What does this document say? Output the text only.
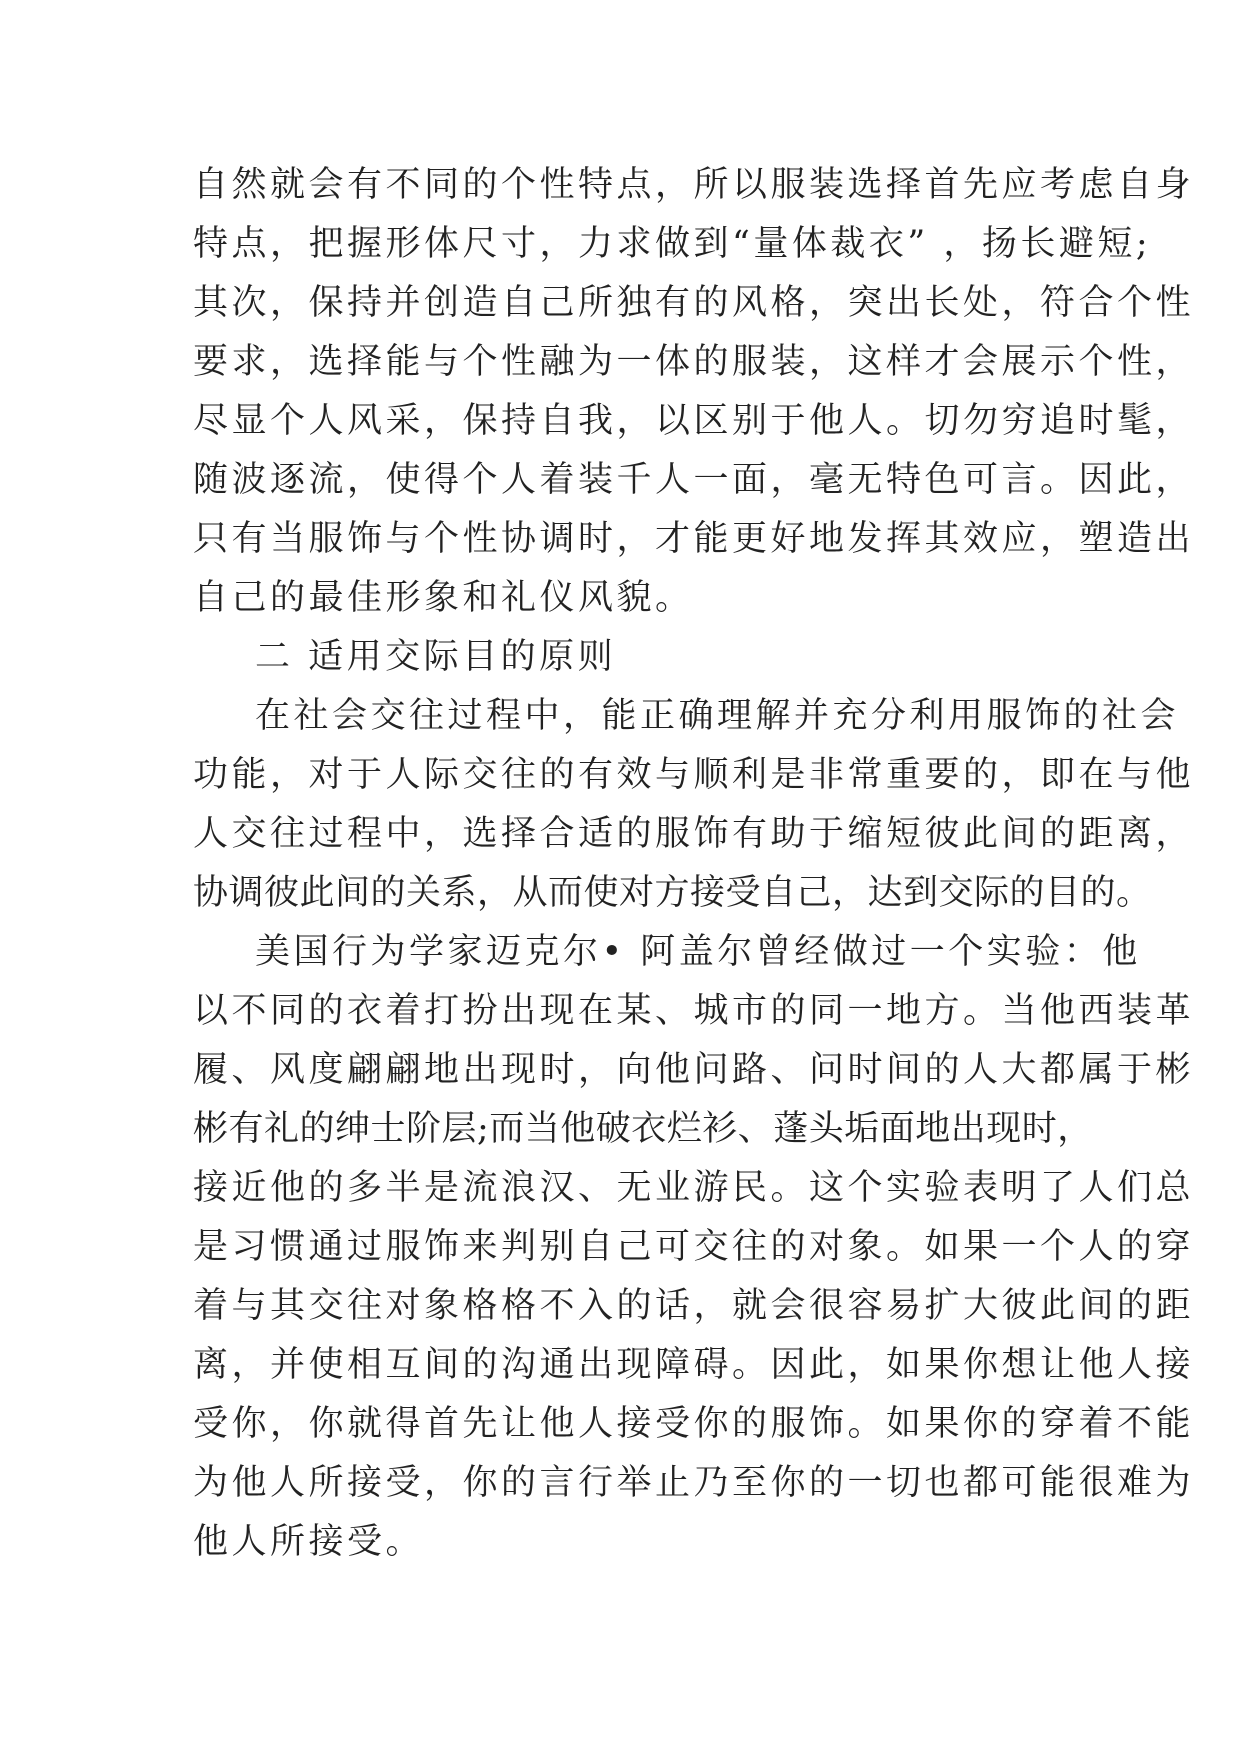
自然就会有不同的个性特点，所以服装选择首先应考虑自身
特点，把握形体尺寸，力求做到“量体裁衣” ，扬长避短;
其次，保持并创造自己所独有的风格，突出长处，符合个性
要求，选择能与个性融为一体的服装，这样才会展示个性，
尽显个人风采，保持自我，以区别于他人。切勿穷追时髦，
随波逐流，使得个人着装千人一面，毫无特色可言。因此，
只有当服饰与个性协调时，才能更好地发挥其效应，塑造出
自己的最佳形象和礼仪风貌。
二 适用交际目的原则
在社会交往过程中，能正确理解并充分利用服饰的社会
功能，对于人际交往的有效与顺利是非常重要的，即在与他
人交往过程中，选择合适的服饰有助于缩短彼此间的距离，
协调彼此间的关系，从而使对方接受自己，达到交际的目的。
美国行为学家迈克尔• 阿盖尔曾经做过一个实验：他
以不同的衣着打扮出现在某、城市的同一地方。当他西装革
履、风度翩翩地出现时，向他问路、问时间的人大都属于彬
彬有礼的绅士阶层;而当他破衣烂衫、蓬头垢面地出现时，
接近他的多半是流浪汉、无业游民。这个实验表明了人们总
是习惯通过服饰来判别自己可交往的对象。如果一个人的穿
着与其交往对象格格不入的话，就会很容易扩大彼此间的距
离，并使相互间的沟通出现障碍。因此，如果你想让他人接
受你，你就得首先让他人接受你的服饰。如果你的穿着不能
为他人所接受，你的言行举止乃至你的一切也都可能很难为
他人所接受。
